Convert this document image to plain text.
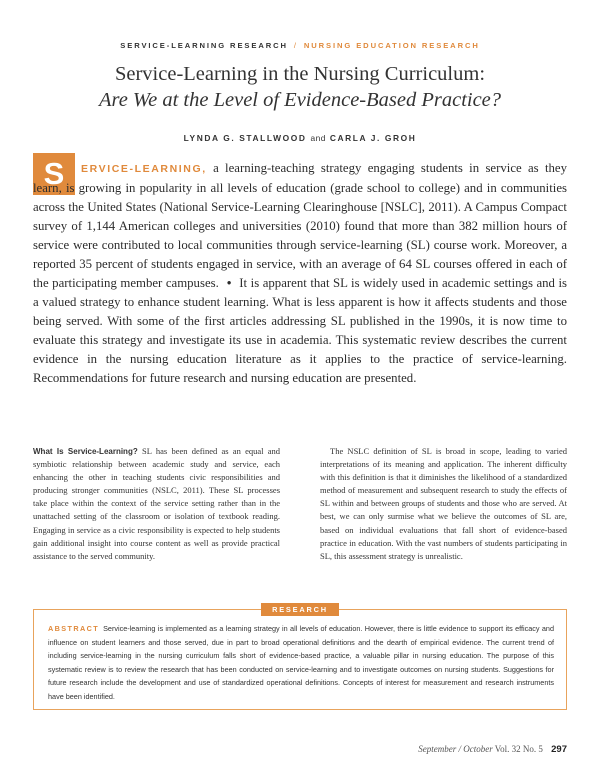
SERVICE-LEARNING RESEARCH / NURSING EDUCATION RESEARCH
Service-Learning in the Nursing Curriculum:
Are We at the Level of Evidence-Based Practice?
LYNDA G. STALLWOOD and CARLA J. GROH
S	ERVICE-LEARNING, a learning-teaching strategy engaging students in service as they learn, is growing in popularity in all levels of education (grade school to college) and in communities across the United States (National Service-Learning Clearinghouse [NSLC], 2011). A Campus Compact survey of 1,144 American colleges and universities (2010) found that more than 382 million hours of service were contributed to local communities through service-learning (SL) course work. Moreover, a reported 35 percent of students engaged in service, with an average of 64 SL courses offered in each of the participating member campuses. • It is apparent that SL is widely used in academic settings and is a valued strategy to enhance student learning. What is less apparent is how it affects students and those being served. With some of the first articles addressing SL published in the 1990s, it is now time to evaluate this strategy and investigate its use in academia. This systematic review describes the current evidence in the nursing education literature as it applies to the practice of service-learning. Recommendations for future research and nursing education are presented.

What Is Service-Learning? SL has been defined as an equal and symbiotic relationship between academic study and service, each enhancing the other in teaching students civic responsibilities and producing stronger communities (NSLC, 2011). These SL processes take place within the context of the service setting rather than in the unattached setting of the classroom or isolation of textbook reading. Engaging in service as a civic responsibility is expected to help students gain additional insight into course content as well as provide practical assistance to the served community.

The NSLC definition of SL is broad in scope, leading to varied interpretations of its meaning and application. The inherent difficulty with this definition is that it diminishes the likelihood of a standardized method of measurement and subsequent research to study the effects of SL within and between groups of students and those who are served. At best, we can only surmise what we believe the outcomes of SL are, based on individual evaluations that fall short of evidence-based practice in education. With the vast numbers of students participating in SL, this assessment strategy is unrealistic.

RESEARCH
ABSTRACT Service-learning is implemented as a learning strategy in all levels of education. However, there is little evidence to support its efficacy and influence on student learners and those served, due in part to broad operational definitions and the dearth of empirical evidence. The current trend of including service-learning in the nursing curriculum falls short of evidence-based practice, a valuable pillar in nursing education. The purpose of this systematic review is to review the research that has been conducted on service-learning and to investigate outcomes on nursing students. Suggestions for future research include the development and use of standardized operational definitions. Concepts of interest for measurement and research instruments have been identified.
September / October Vol. 32 No. 5 297
